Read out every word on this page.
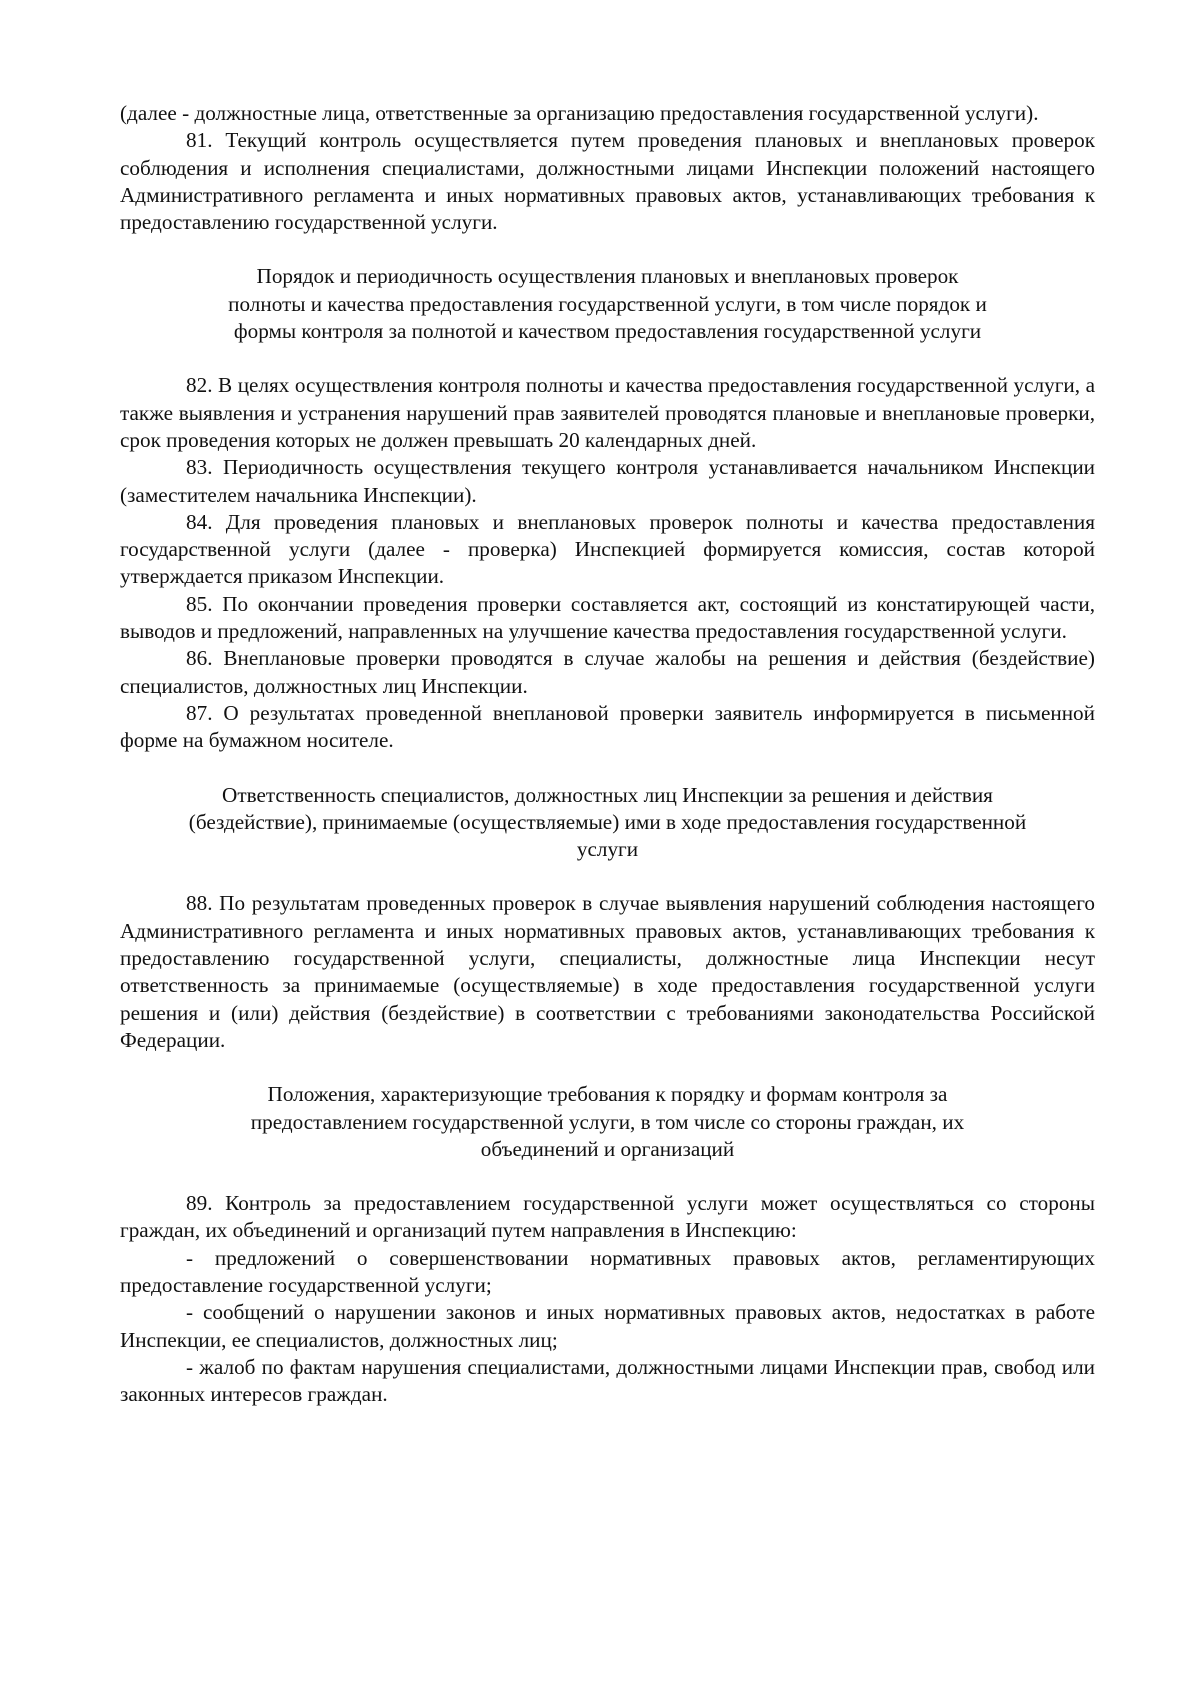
(далее - должностные лица, ответственные за организацию предоставления государственной услуги).

81. Текущий контроль осуществляется путем проведения плановых и внеплановых проверок соблюдения и исполнения специалистами, должностными лицами Инспекции положений настоящего Административного регламента и иных нормативных правовых актов, устанавливающих требования к предоставлению государственной услуги.

Порядок и периодичность осуществления плановых и внеплановых проверок
полноты и качества предоставления государственной услуги, в том числе порядок и
формы контроля за полнотой и качеством предоставления государственной услуги

82. В целях осуществления контроля полноты и качества предоставления государственной услуги, а также выявления и устранения нарушений прав заявителей проводятся плановые и внеплановые проверки, срок проведения которых не должен превышать 20 календарных дней.

83. Периодичность осуществления текущего контроля устанавливается начальником Инспекции (заместителем начальника Инспекции).

84. Для проведения плановых и внеплановых проверок полноты и качества предоставления государственной услуги (далее - проверка) Инспекцией формируется комиссия, состав которой утверждается приказом Инспекции.

85. По окончании проведения проверки составляется акт, состоящий из констатирующей части, выводов и предложений, направленных на улучшение качества предоставления государственной услуги.

86. Внеплановые проверки проводятся в случае жалобы на решения и действия (бездействие) специалистов, должностных лиц Инспекции.

87. О результатах проведенной внеплановой проверки заявитель информируется в письменной форме на бумажном носителе.

Ответственность специалистов, должностных лиц Инспекции за решения и действия
(бездействие), принимаемые (осуществляемые) ими в ходе предоставления государственной
услуги

88. По результатам проведенных проверок в случае выявления нарушений соблюдения настоящего Административного регламента и иных нормативных правовых актов, устанавливающих требования к предоставлению государственной услуги, специалисты, должностные лица Инспекции несут ответственность за принимаемые (осуществляемые) в ходе предоставления государственной услуги решения и (или) действия (бездействие) в соответствии с требованиями законодательства Российской Федерации.

Положения, характеризующие требования к порядку и формам контроля за
предоставлением государственной услуги, в том числе со стороны граждан, их
объединений и организаций

89. Контроль за предоставлением государственной услуги может осуществляться со стороны граждан, их объединений и организаций путем направления в Инспекцию:

- предложений о совершенствовании нормативных правовых актов, регламентирующих предоставление государственной услуги;

- сообщений о нарушении законов и иных нормативных правовых актов, недостатках в работе Инспекции, ее специалистов, должностных лиц;

- жалоб по фактам нарушения специалистами, должностными лицами Инспекции прав, свобод или законных интересов граждан.
